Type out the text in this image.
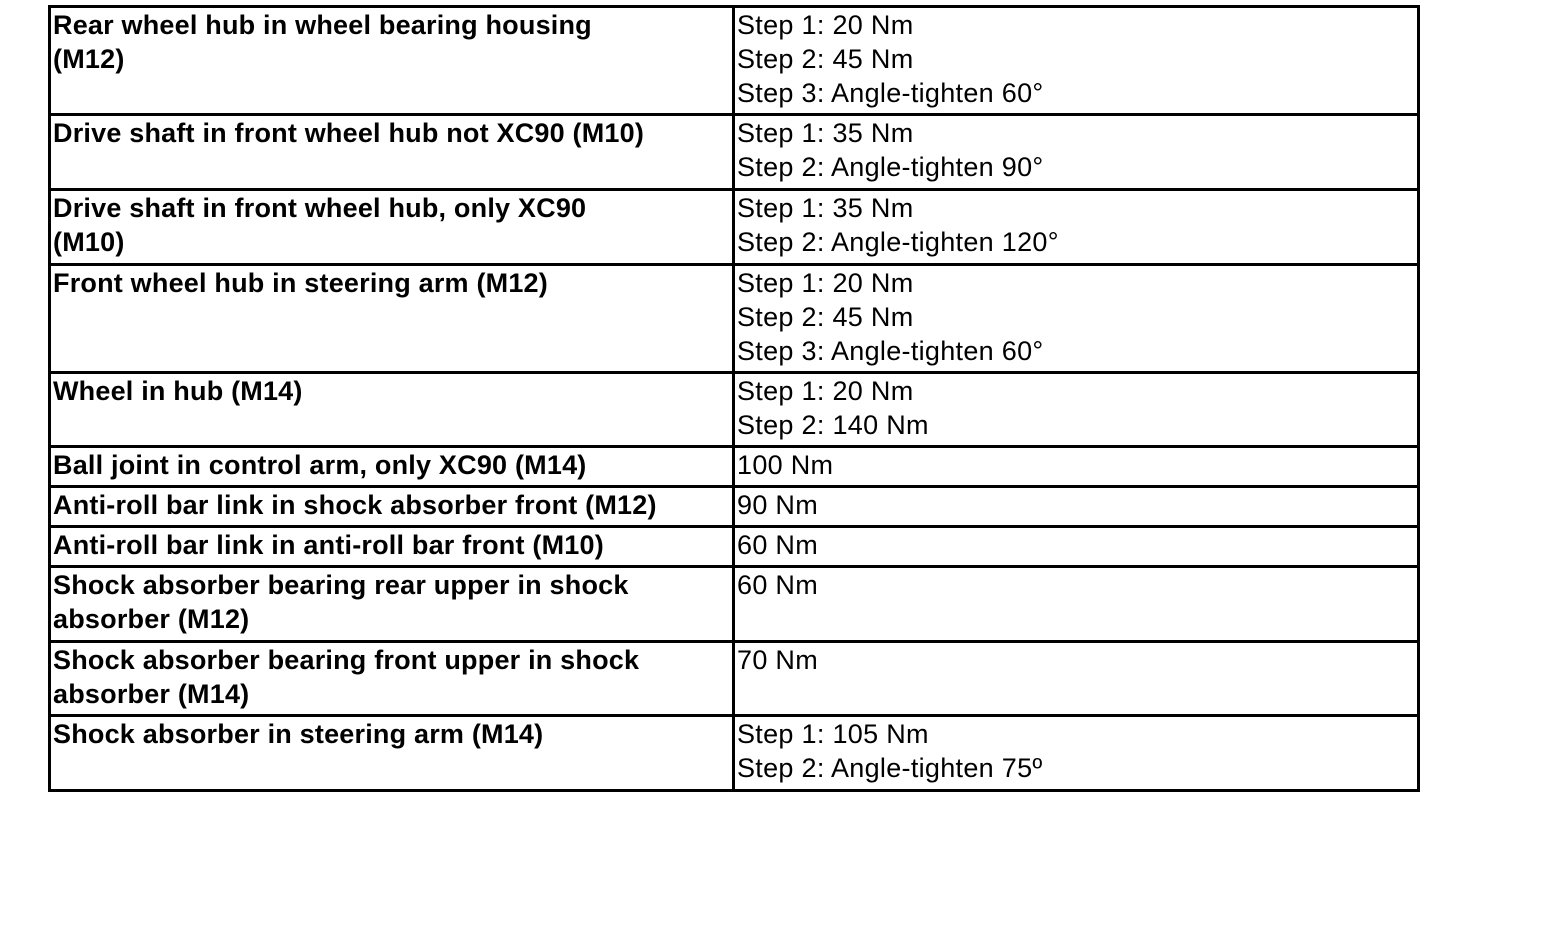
Rear wheel hub in wheel bearing housing
(M12)	Step 1: 20 Nm
Step 2: 45 Nm
Step 3: Angle-tighten 60°
Drive shaft in front wheel hub not XC90 (M10)	Step 1: 35 Nm
Step 2: Angle-tighten 90°
Drive shaft in front wheel hub, only XC90
(M10)	Step 1: 35 Nm
Step 2: Angle-tighten 120°
Front wheel hub in steering arm (M12)	Step 1: 20 Nm
Step 2: 45 Nm
Step 3: Angle-tighten 60°
Wheel in hub (M14)	Step 1: 20 Nm
Step 2: 140 Nm
Ball joint in control arm, only XC90 (M14)	100 Nm
Anti-roll bar link in shock absorber front (M12)	90 Nm
Anti-roll bar link in anti-roll bar front (M10)	60 Nm
Shock absorber bearing rear upper in shock
absorber (M12)	60 Nm
Shock absorber bearing front upper in shock
absorber (M14)	70 Nm
Shock absorber in steering arm (M14)	Step 1: 105 Nm
Step 2: Angle-tighten 75º
